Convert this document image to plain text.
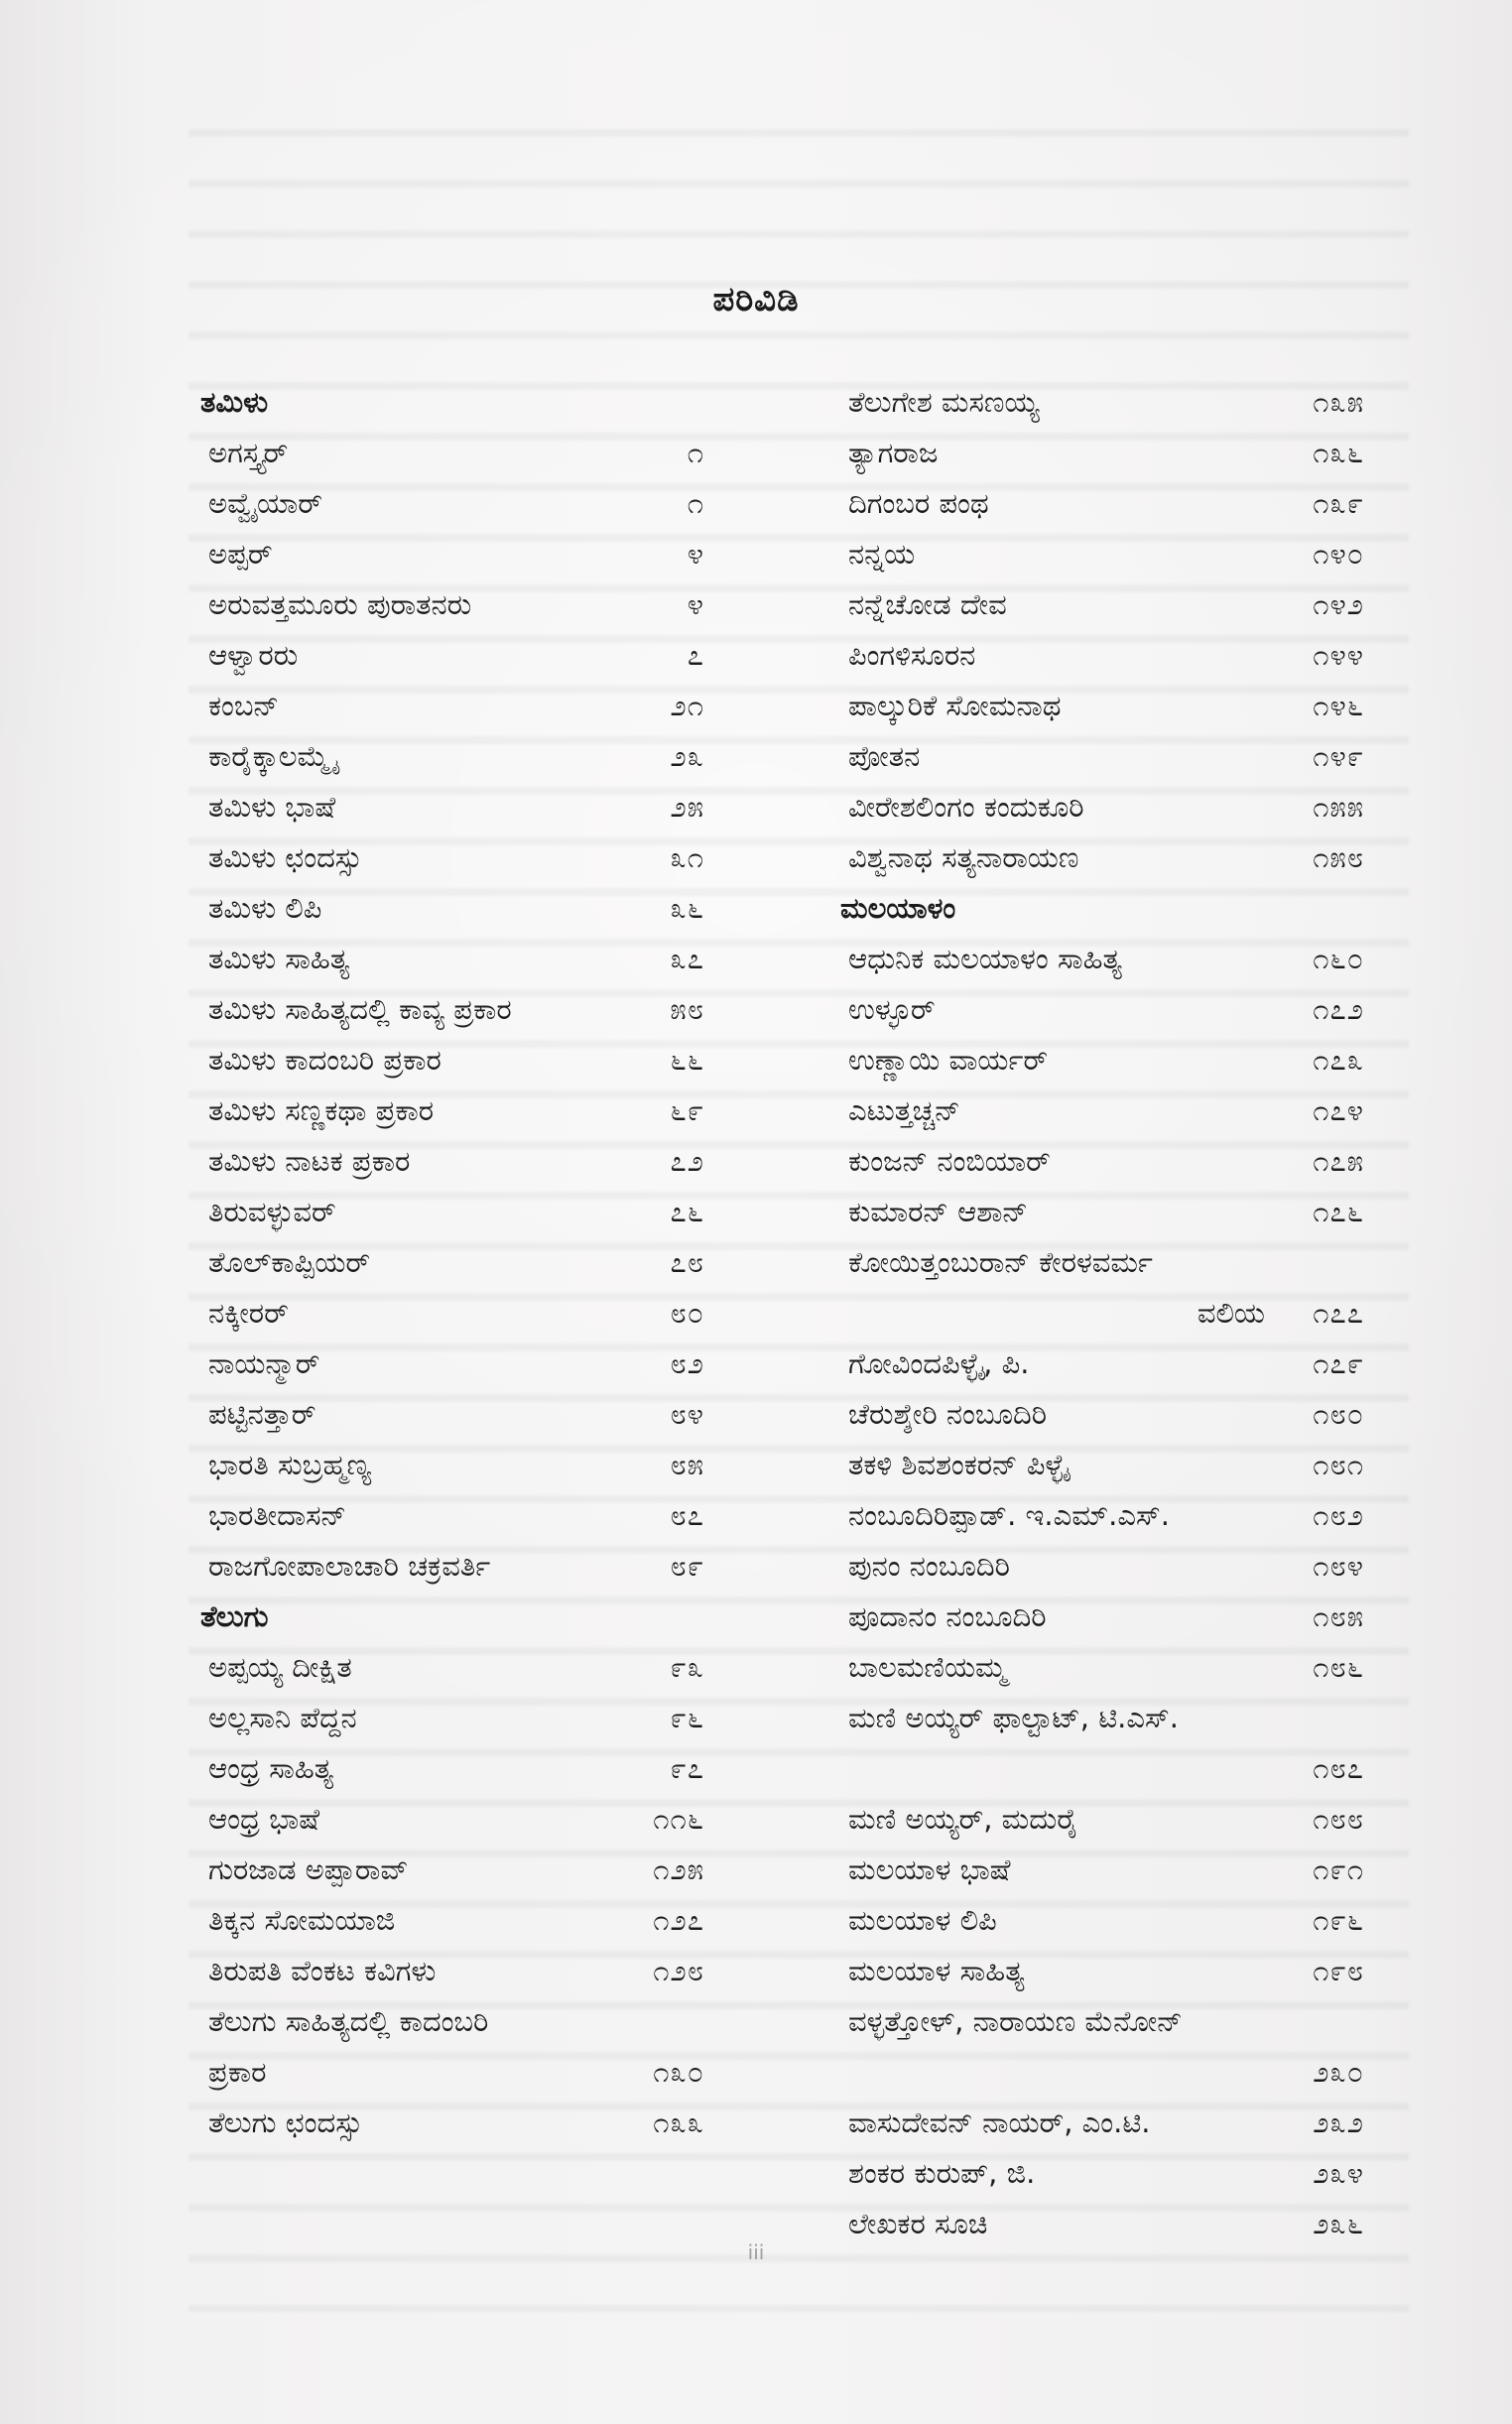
ಪರಿವಿಡಿ
ತಮಿಳು
ಅಗಸ್ತ್ಯರ್	೧
ಅವ್ವೈಯಾರ್	೧
ಅಪ್ಪರ್	೪
ಅರುವತ್ತಮೂರು ಪುರಾತನರು	೪
ಆಳ್ವಾರರು	೭
ಕಂಬನ್	೨೧
ಕಾರೈಕ್ಕಾಲಮ್ಮೈ	೨೩
ತಮಿಳು ಭಾಷೆ	೨೫
ತಮಿಳು ಛಂದಸ್ಸು	೩೧
ತಮಿಳು ಲಿಪಿ	೩೬
ತಮಿಳು ಸಾಹಿತ್ಯ	೩೭
ತಮಿಳು ಸಾಹಿತ್ಯದಲ್ಲಿ ಕಾವ್ಯ ಪ್ರಕಾರ	೫೮
ತಮಿಳು ಕಾದಂಬರಿ ಪ್ರಕಾರ	೬೬
ತಮಿಳು ಸಣ್ಣಕಥಾ ಪ್ರಕಾರ	೬೯
ತಮಿಳು ನಾಟಕ ಪ್ರಕಾರ	೭೨
ತಿರುವಳ್ಳುವರ್	೭೬
ತೊಲ್‌ಕಾಪ್ಪಿಯರ್	೭೮
ನಕ್ಕೀರರ್	೮೦
ನಾಯನ್ಮಾರ್	೮೨
ಪಟ್ಟಿನತ್ತಾರ್	೮೪
ಭಾರತಿ ಸುಬ್ರಹ್ಮಣ್ಯ	೮೫
ಭಾರತೀದಾಸನ್	೮೭
ರಾಜಗೋಪಾಲಾಚಾರಿ ಚಕ್ರವರ್ತಿ	೮೯
ತೆಲುಗು
ಅಪ್ಪಯ್ಯ ದೀಕ್ಷಿತ	೯೩
ಅಲ್ಲಸಾನಿ ಪೆದ್ದನ	೯೬
ಆಂಧ್ರ ಸಾಹಿತ್ಯ	೯೭
ಆಂಧ್ರ ಭಾಷೆ	೧೧೬
ಗುರಜಾಡ ಅಪ್ಪಾರಾವ್	೧೨೫
ತಿಕ್ಕನ ಸೋಮಯಾಜಿ	೧೨೭
ತಿರುಪತಿ ವೆಂಕಟ ಕವಿಗಳು	೧೨೮
ತೆಲುಗು ಸಾಹಿತ್ಯದಲ್ಲಿ ಕಾದಂಬರಿ
ಪ್ರಕಾರ	೧೩೦
ತೆಲುಗು ಛಂದಸ್ಸು	೧೩೩
ತೆಲುಗೇಶ ಮಸಣಯ್ಯ	೧೩೫
ತ್ಯಾಗರಾಜ	೧೩೬
ದಿಗಂಬರ ಪಂಥ	೧೩೯
ನನ್ನಯ	೧೪೦
ನನ್ನೆಚೋಡ ದೇವ	೧೪೨
ಪಿಂಗಳಿಸೂರನ	೧೪೪
ಪಾಲ್ಕುರಿಕೆ ಸೋಮನಾಥ	೧೪೬
ಪೋತನ	೧೪೯
ವೀರೇಶಲಿಂಗಂ ಕಂದುಕೂರಿ	೧೫೫
ವಿಶ್ವನಾಥ ಸತ್ಯನಾರಾಯಣ	೧೫೮
ಮಲಯಾಳಂ
ಆಧುನಿಕ ಮಲಯಾಳಂ ಸಾಹಿತ್ಯ	೧೬೦
ಉಳ್ಳೂರ್	೧೭೨
ಉಣ್ಣಾಯಿ ವಾರ್ಯರ್	೧೭೩
ಎಟುತ್ತಚ್ಚನ್	೧೭೪
ಕುಂಜನ್ ನಂಬಿಯಾರ್	೧೭೫
ಕುಮಾರನ್ ಆಶಾನ್	೧೭೬
ಕೋಯಿತ್ತಂಬುರಾನ್ ಕೇರಳವರ್ಮ
ವಲಿಯ ೧೭೭
ಗೋವಿಂದಪಿಳ್ಳೈ, ಪಿ.	೧೭೯
ಚೆರುಶ್ಶೇರಿ ನಂಬೂದಿರಿ	೧೮೦
ತಕಳಿ ಶಿವಶಂಕರನ್ ಪಿಳ್ಳೈ	೧೮೧
ನಂಬೂದಿರಿಪ್ಪಾಡ್. ಇ.ಎಮ್.ಎಸ್.	೧೮೨
ಪುನಂ ನಂಬೂದಿರಿ	೧೮೪
ಪೂದಾನಂ ನಂಬೂದಿರಿ	೧೮೫
ಬಾಲಮಣಿಯಮ್ಮ	೧೮೬
ಮಣಿ ಅಯ್ಯರ್ ಫಾಲ್ಟಾಟ್, ಟಿ.ಎಸ್.
೧೮೭
ಮಣಿ ಅಯ್ಯರ್, ಮದುರೈ	೧೮೮
ಮಲಯಾಳ ಭಾಷೆ	೧೯೧
ಮಲಯಾಳ ಲಿಪಿ	೧೯೬
ಮಲಯಾಳ ಸಾಹಿತ್ಯ	೧೯೮
ವಳ್ಳತ್ತೋಳ್, ನಾರಾಯಣ ಮೆನೋನ್
೨೩೦
ವಾಸುದೇವನ್ ನಾಯರ್, ಎಂ.ಟಿ.	೨೩೨
ಶಂಕರ ಕುರುಪ್, ಜಿ.	೨೩೪
ಲೇಖಕರ ಸೂಚಿ	೨೩೬
iii
